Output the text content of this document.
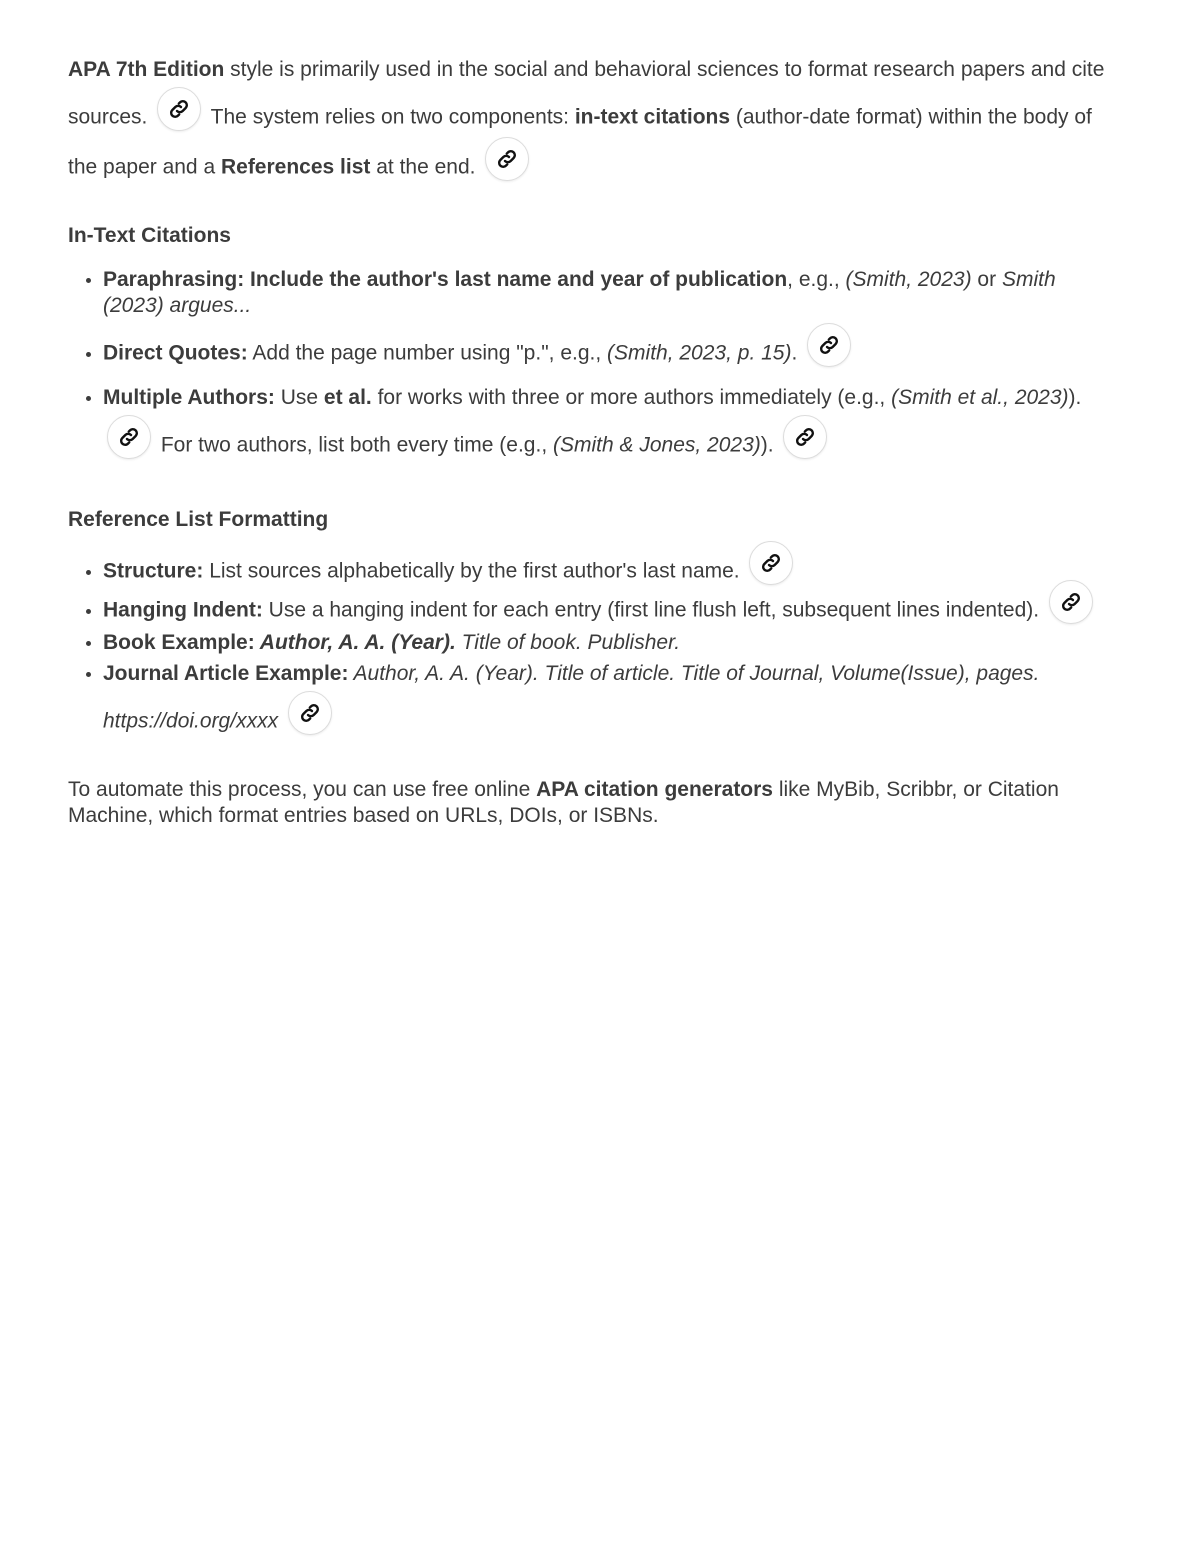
APA 7th Edition style is primarily used in the social and behavioral sciences to format research papers and cite sources.	The system relies on two components: in-text citations (author-date format) within the body of the paper and a References list at the end.

In-Text Citations
• Paraphrasing: Include the author's last name and year of publication, e.g., (Smith, 2023) or Smith (2023) argues...
• Direct Quotes: Add the page number using "p.", e.g., (Smith, 2023, p. 15).
• Multiple Authors: Use et al. for works with three or more authors immediately (e.g., (Smith et al., 2023)).
For two authors, list both every time (e.g., (Smith & Jones, 2023)).
Reference List Formatting
• Structure: List sources alphabetically by the first author's last name.
• Hanging Indent: Use a hanging indent for each entry (first line flush left, subsequent lines indented).
• Book Example: Author, A. A. (Year). Title of book. Publisher.
• Journal Article Example: Author, A. A. (Year). Title of article. Title of Journal, Volume(Issue), pages. https://doi.org/xxxx

To automate this process, you can use free online APA citation generators like MyBib, Scribbr, or Citation Machine, which format entries based on URLs, DOIs, or ISBNs.
